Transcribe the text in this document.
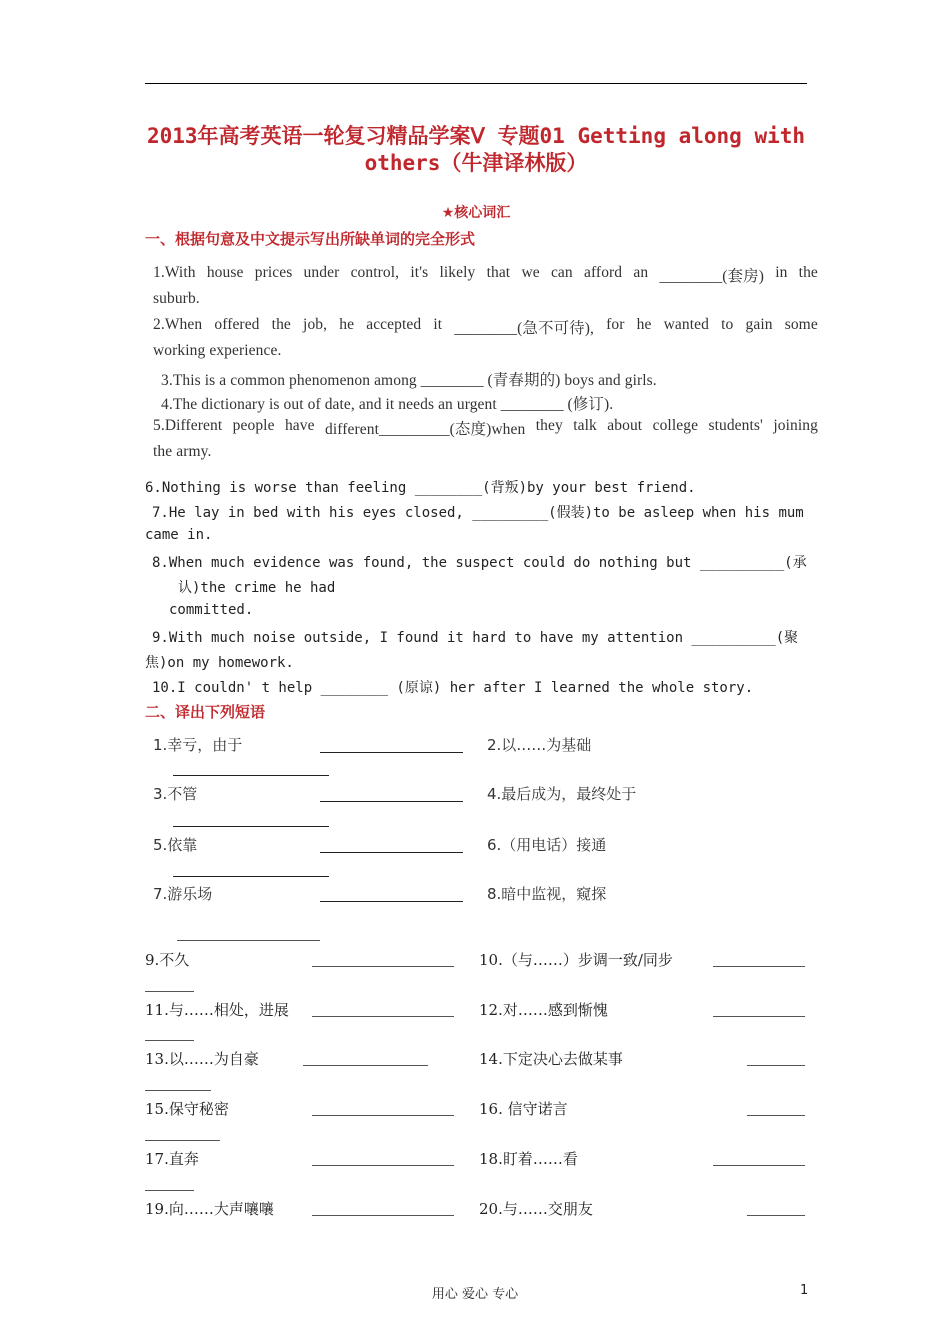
2013年高考英语一轮复习精品学案Ⅴ 专题01 Getting along with
others（牛津译林版）
★核心词汇
一、根据句意及中文提示写出所缺单词的完全形式
1.With house prices under control, it's likely that we can afford an ________(套房) in the
suburb.
2.When offered the job, he accepted it ________(急不可待), for he wanted to gain some
working experience.
3.This is a common phenomenon among ________ (青春期的) boys and girls.
4.The dictionary is out of date, and it needs an urgent ________ (修订).
5.Different people have different_________(态度)when they talk about college students' joining
the army.
6.Nothing is worse than feeling ________(背叛)by your best friend.
7.He lay in bed with his eyes closed, _________(假装)to be asleep when his mum
came in.
8.When much evidence was found, the suspect could do nothing but __________(承
认)the crime he had
committed.
9.With much noise outside, I found it hard to have my attention __________(聚
焦)on my homework.
10.I couldn' t help ________ (原谅) her after I learned the whole story.
二、译出下列短语
1.幸亏，由于	2.以……为基础
3.不管	4.最后成为，最终处于
5.依靠	6.（用电话）接通
7.游乐场	8.暗中监视，窥探
9.不久	10.（与……）步调一致/同步
11.与……相处，进展	12.对……感到惭愧
13.以……为自豪	14.下定决心去做某事
15.保守秘密	16. 信守诺言
17.直奔	18.盯着……看
19.向……大声嚷嚷	20.与……交朋友
用心 爱心 专心	1
